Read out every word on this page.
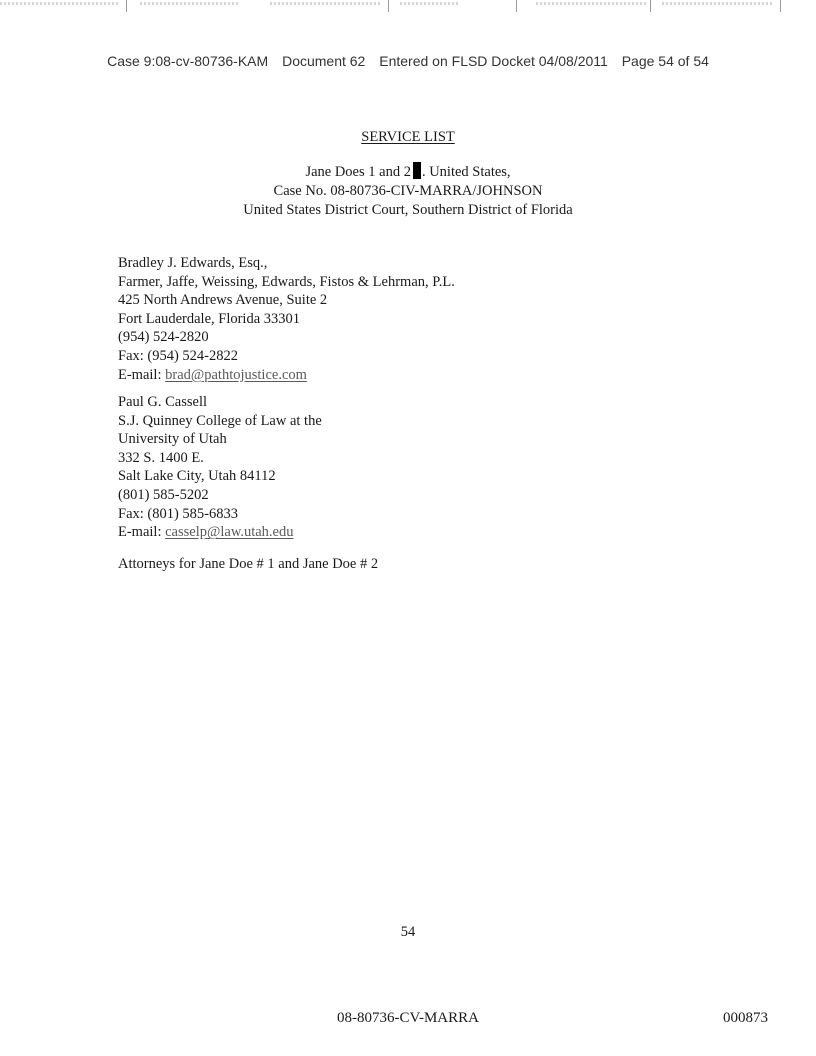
Case 9:08-cv-80736-KAM Document 62 Entered on FLSD Docket 04/08/2011 Page 54 of 54
SERVICE LIST
Jane Does 1 and 2 . United States,
Case No. 08-80736-CIV-MARRA/JOHNSON
United States District Court, Southern District of Florida
Bradley J. Edwards, Esq.,
Farmer, Jaffe, Weissing, Edwards, Fistos & Lehrman, P.L.
425 North Andrews Avenue, Suite 2
Fort Lauderdale, Florida 33301
(954) 524-2820
Fax: (954) 524-2822
E-mail: brad@pathtojustice.com
Paul G. Cassell
S.J. Quinney College of Law at the
University of Utah
332 S. 1400 E.
Salt Lake City, Utah 84112
(801) 585-5202
Fax: (801) 585-6833
E-mail: casselp@law.utah.edu
Attorneys for Jane Doe # 1 and Jane Doe # 2
54
08-80736-CV-MARRA	000873
